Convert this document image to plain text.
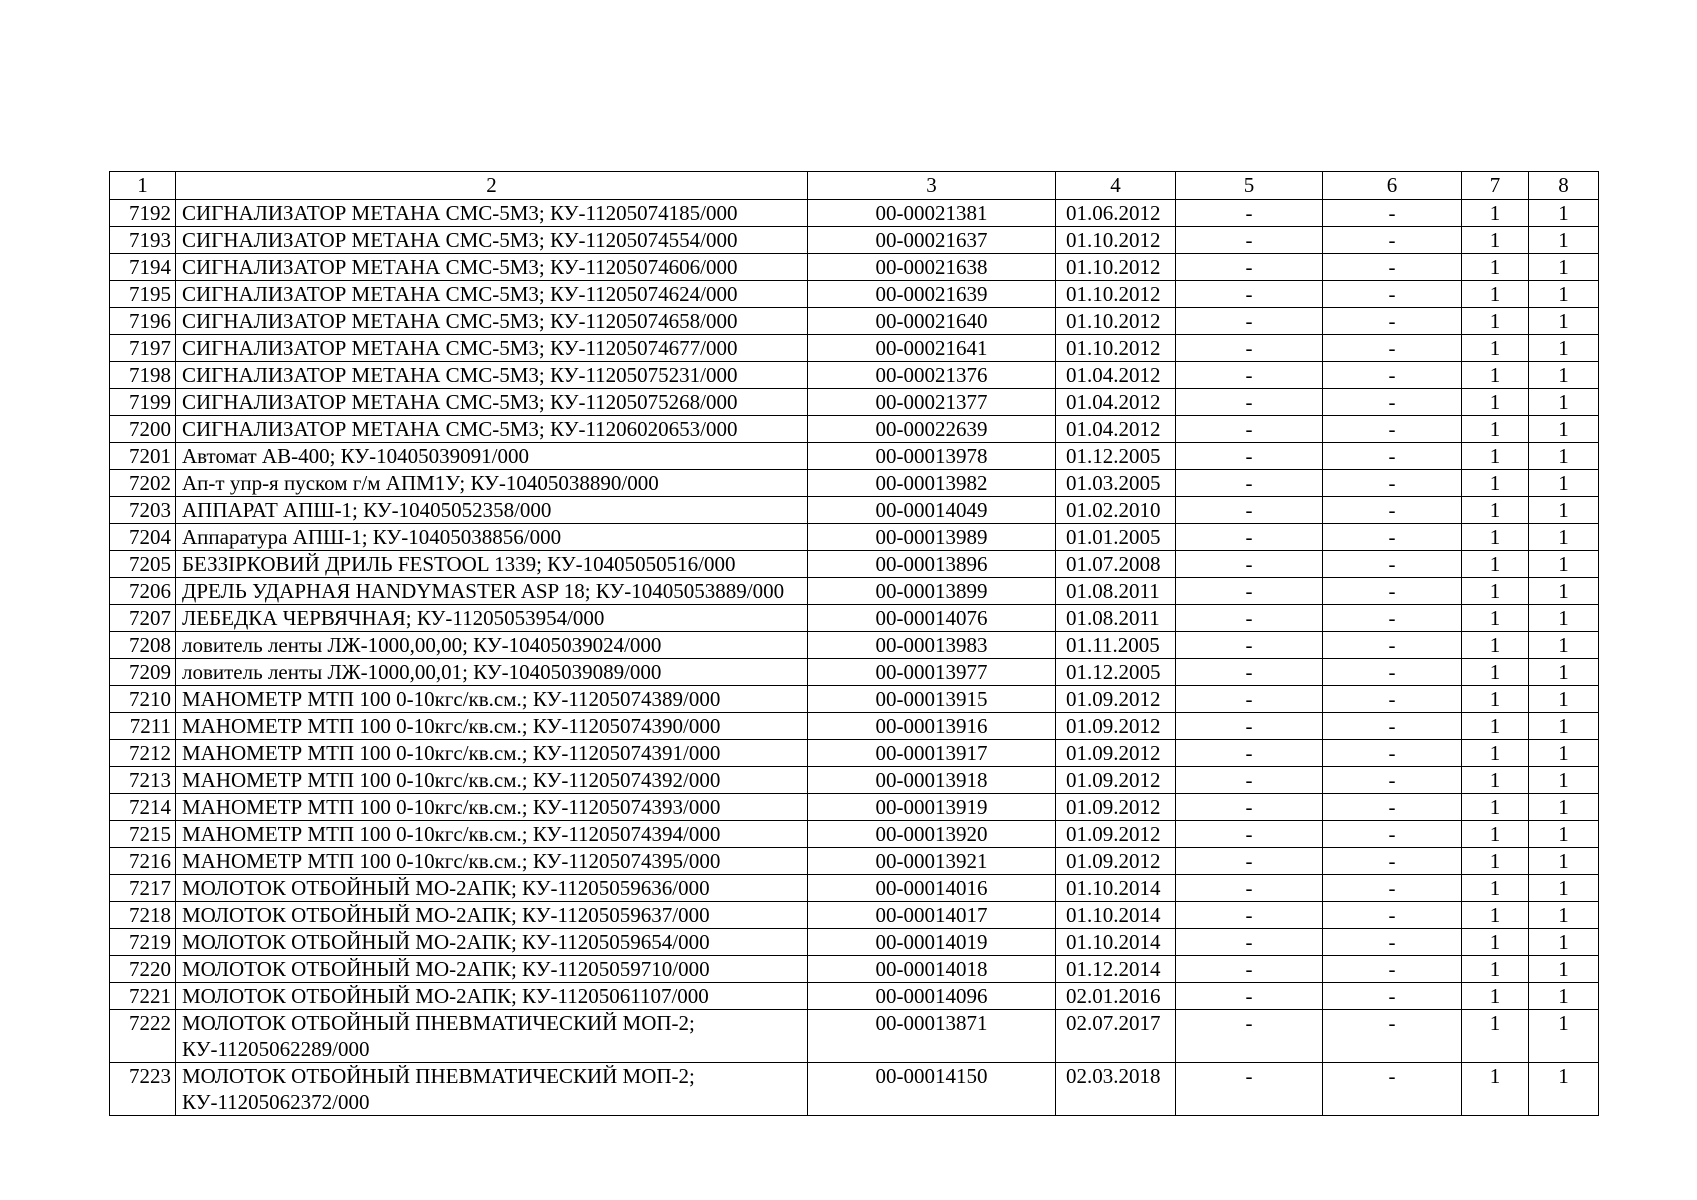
1	2	3	4	5	6	7	8
7192	СИГНАЛИЗАТОР МЕТАНА СМС-5М3; КУ-11205074185/000	00-00021381	01.06.2012	-	-	1	1
7193	СИГНАЛИЗАТОР МЕТАНА СМС-5М3; КУ-11205074554/000	00-00021637	01.10.2012	-	-	1	1
7194	СИГНАЛИЗАТОР МЕТАНА СМС-5М3; КУ-11205074606/000	00-00021638	01.10.2012	-	-	1	1
7195	СИГНАЛИЗАТОР МЕТАНА СМС-5М3; КУ-11205074624/000	00-00021639	01.10.2012	-	-	1	1
7196	СИГНАЛИЗАТОР МЕТАНА СМС-5М3; КУ-11205074658/000	00-00021640	01.10.2012	-	-	1	1
7197	СИГНАЛИЗАТОР МЕТАНА СМС-5М3; КУ-11205074677/000	00-00021641	01.10.2012	-	-	1	1
7198	СИГНАЛИЗАТОР МЕТАНА СМС-5М3; КУ-11205075231/000	00-00021376	01.04.2012	-	-	1	1
7199	СИГНАЛИЗАТОР МЕТАНА СМС-5М3; КУ-11205075268/000	00-00021377	01.04.2012	-	-	1	1
7200	СИГНАЛИЗАТОР МЕТАНА СМС-5М3; КУ-11206020653/000	00-00022639	01.04.2012	-	-	1	1
7201	Автомат АВ-400; КУ-10405039091/000	00-00013978	01.12.2005	-	-	1	1
7202	Ап-т упр-я пуском г/м АПМ1У; КУ-10405038890/000	00-00013982	01.03.2005	-	-	1	1
7203	АППАРАТ АПШ-1; КУ-10405052358/000	00-00014049	01.02.2010	-	-	1	1
7204	Аппаратура АПШ-1; КУ-10405038856/000	00-00013989	01.01.2005	-	-	1	1
7205	БЕЗЗІРКОВИЙ ДРИЛЬ FESTOOL 1339; КУ-10405050516/000	00-00013896	01.07.2008	-	-	1	1
7206	ДРЕЛЬ УДАРНАЯ HANDYMASTER ASP 18; КУ-10405053889/000	00-00013899	01.08.2011	-	-	1	1
7207	ЛЕБЕДКА ЧЕРВЯЧНАЯ; КУ-11205053954/000	00-00014076	01.08.2011	-	-	1	1
7208	ловитель ленты ЛЖ-1000,00,00; КУ-10405039024/000	00-00013983	01.11.2005	-	-	1	1
7209	ловитель ленты ЛЖ-1000,00,01; КУ-10405039089/000	00-00013977	01.12.2005	-	-	1	1
7210	МАНОМЕТР МТП 100 0-10кгс/кв.см.; КУ-11205074389/000	00-00013915	01.09.2012	-	-	1	1
7211	МАНОМЕТР МТП 100 0-10кгс/кв.см.; КУ-11205074390/000	00-00013916	01.09.2012	-	-	1	1
7212	МАНОМЕТР МТП 100 0-10кгс/кв.см.; КУ-11205074391/000	00-00013917	01.09.2012	-	-	1	1
7213	МАНОМЕТР МТП 100 0-10кгс/кв.см.; КУ-11205074392/000	00-00013918	01.09.2012	-	-	1	1
7214	МАНОМЕТР МТП 100 0-10кгс/кв.см.; КУ-11205074393/000	00-00013919	01.09.2012	-	-	1	1
7215	МАНОМЕТР МТП 100 0-10кгс/кв.см.; КУ-11205074394/000	00-00013920	01.09.2012	-	-	1	1
7216	МАНОМЕТР МТП 100 0-10кгс/кв.см.; КУ-11205074395/000	00-00013921	01.09.2012	-	-	1	1
7217	МОЛОТОК ОТБОЙНЫЙ МО-2АПК; КУ-11205059636/000	00-00014016	01.10.2014	-	-	1	1
7218	МОЛОТОК ОТБОЙНЫЙ МО-2АПК; КУ-11205059637/000	00-00014017	01.10.2014	-	-	1	1
7219	МОЛОТОК ОТБОЙНЫЙ МО-2АПК; КУ-11205059654/000	00-00014019	01.10.2014	-	-	1	1
7220	МОЛОТОК ОТБОЙНЫЙ МО-2АПК; КУ-11205059710/000	00-00014018	01.12.2014	-	-	1	1
7221	МОЛОТОК ОТБОЙНЫЙ МО-2АПК; КУ-11205061107/000	00-00014096	02.01.2016	-	-	1	1
7222	МОЛОТОК ОТБОЙНЫЙ ПНЕВМАТИЧЕСКИЙ МОП-2; КУ-11205062289/000	00-00013871	02.07.2017	-	-	1	1
7223	МОЛОТОК ОТБОЙНЫЙ ПНЕВМАТИЧЕСКИЙ МОП-2; КУ-11205062372/000	00-00014150	02.03.2018	-	-	1	1
